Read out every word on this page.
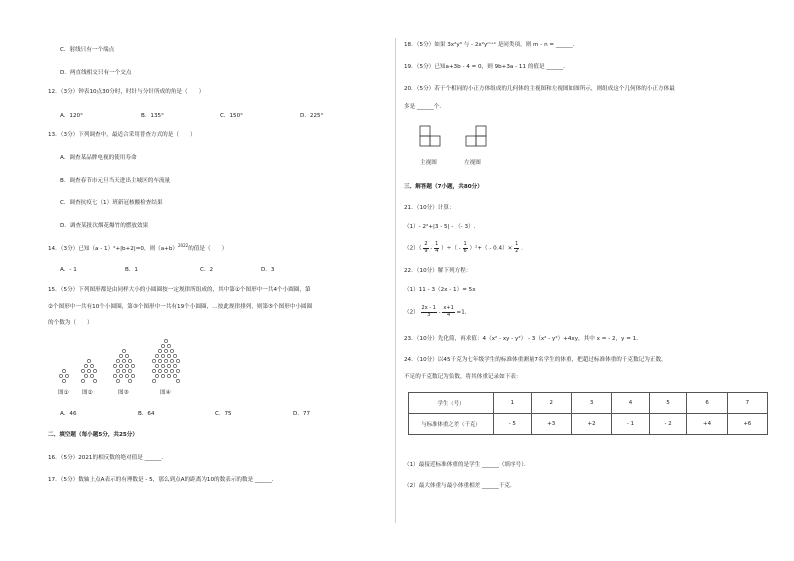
C．射线只有一个端点
D．两直线相交只有一个交点
12．（3分）钟表10点30分时，时针与分针所成的角是（　　）
A．120°	B．135°	C．150°	D．225°
13．（3分）下列调查中，最适合采用普查方式的是（　　）
A．调查某品牌电视的使用寿命
B．调查春节市元旦当天进出主城区的车流量
C．调查抗疫七（1）班新冠核酸检查结果
D．调查某批次烟花爆竹的燃放效果
14．（3分）已知（a - 1）²+|b+2|=0，则$(a+b)^{2022}$的值是（　　）
A．- 1	B．1	C．2	D．3
15．（5分）下列图形都是由同样大小的小圆圈按一定规律所组成的，其中第①个图形中一共4个小圆圈，第
②个图形中一共有10个小圆圈，第③个图形中一共有19个小圆圈，…按此规律排列，则第⑤个图形中小圆圈
的个数为（　　）
图① 图②	图③	图④
A．46	B．64	C．75	D．77
二、填空题（每小题5分，共25分）
16．（5分）2021的相反数的绝对值是 ______．
17．（5分）数轴上点A表示的有理数是 - 5，那么到点A的距离为10的数表示的数是 ______．
18．（5分）如果 3x²y³ 与 - 2x²yᵐ⁺¹ 是同类项，则 m - n = ______．
19．（5分）已知a+3b - 4 = 0，则 9b+3a - 11 的值是 ______．
20．（5分）若干个相同的小正方体组成的几何体的主视图和左视图如图所示，则组成这个几何体的小正方体最
多是 ______个．
主视图	左视图
三、解答题（7小题，共80分）
21．（10分）计算：
（1）- 2²+|3 - 5| - （- 3）.
$(2)( \frac{2}{9} - \frac{1}{4}$ ）÷（ - $\frac{1}{6} )^2+( - 0.4)\times \frac{1}{2}$ ．
22．（10分）解下列方程：
（1）11 - 3（2x - 1）= 5x
$(2) \frac{2x - 1}{3} - \frac{x+1}{4} =1$．
23．（10分）先化简，再求值：4（x² - xy - y²） - 3（x² - y²）+4xy，其中 x = - 2，y = 1．
24．（10分）以45千克为七年级学生的标准体重测量7名学生的体重，把超过标准体重的千克数记为正数，
不足的千克数记为负数，将其体重记录如下表：
学生（号）	1	2	3	4	5	6	7
与标准体重之差（千克）	- 5	+3	+2	- 1	- 2	+4	+6
（1）最接近标准体重的是学生 ______（填序号）．
（2）最大体重与最小体重相差 ______千克．
